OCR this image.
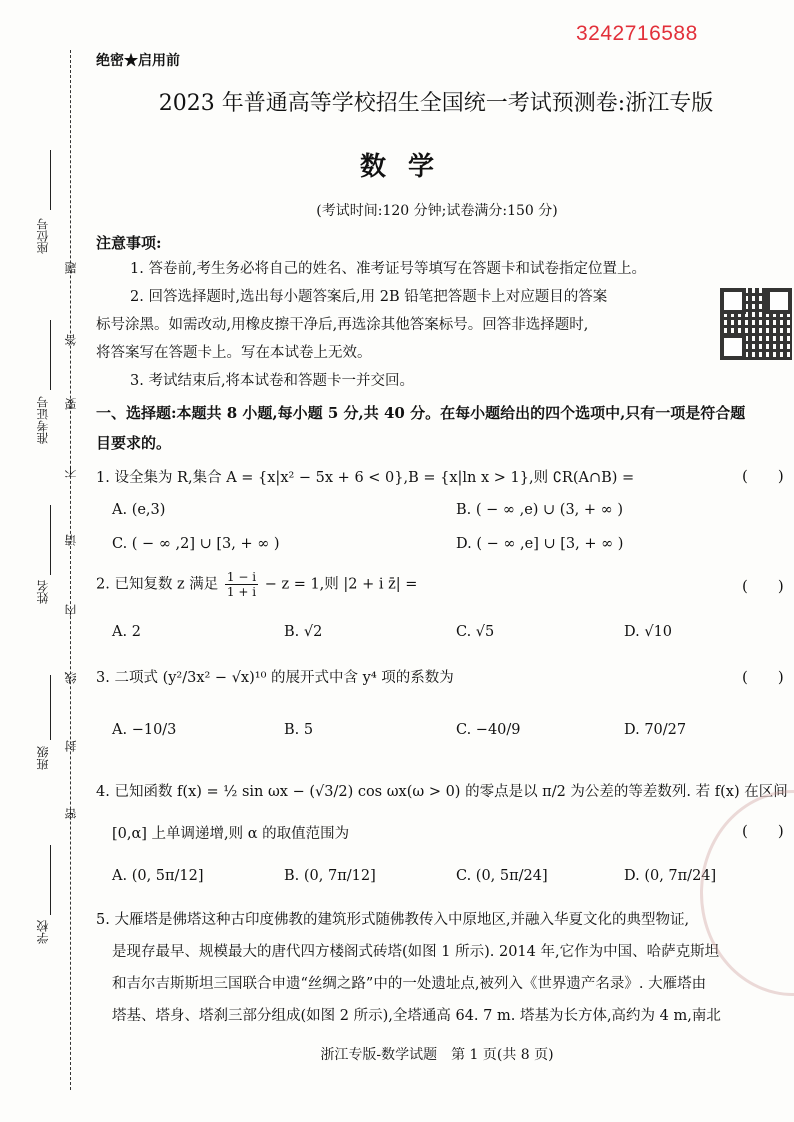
3242716588
座位号
准考证号
姓名
班级
学校
题
答
要
不
请
内
线
封
密
绝密★启用前
2023 年普通高等学校招生全国统一考试预测卷:浙江专版
数学
(考试时间:120 分钟;试卷满分:150 分)
注意事项:
1. 答卷前,考生务必将自己的姓名、准考证号等填写在答题卡和试卷指定位置上。
2. 回答选择题时,选出每小题答案后,用 2B 铅笔把答题卡上对应题目的答案
标号涂黑。如需改动,用橡皮擦干净后,再选涂其他答案标号。回答非选择题时,
将答案写在答题卡上。写在本试卷上无效。
3. 考试结束后,将本试卷和答题卡一并交回。
一、选择题:本题共 8 小题,每小题 5 分,共 40 分。在每小题给出的四个选项中,只有一项是符合题
目要求的。
1. 设全集为 R,集合 A = {x|x² − 5x + 6 < 0},B = {x|ln x > 1},则 ∁R(A∩B) =	(　　)
A. (e,3)	B. ( − ∞ ,e) ∪ (3, + ∞ )
C. ( − ∞ ,2] ∪ [3, + ∞ )	D. ( − ∞ ,e] ∪ [3, + ∞ )
2. 已知复数 z 满足 $\frac{1 - i}{1 + i} - z = 1$,则 |2 + i z̄| =	(　　)
A. 2	B. √2	C. √5	D. √10
3. 二项式 (y²/3x² − √x)¹⁰ 的展开式中含 y⁴ 项的系数为	(　　)
A. −10/3	B. 5	C. −40/9	D. 70/27
4. 已知函数 f(x) = ½ sin ωx − (√3/2) cos ωx(ω > 0) 的零点是以 π/2 为公差的等差数列. 若 f(x) 在区间
[0,α] 上单调递增,则 α 的取值范围为	(　　)
A. (0, 5π/12]	B. (0, 7π/12]	C. (0, 5π/24]	D. (0, 7π/24]
5. 大雁塔是佛塔这种古印度佛教的建筑形式随佛教传入中原地区,并融入华夏文化的典型物证,
是现存最早、规模最大的唐代四方楼阁式砖塔(如图 1 所示). 2014 年,它作为中国、哈萨克斯坦
和吉尔吉斯斯坦三国联合申遗“丝绸之路”中的一处遗址点,被列入《世界遗产名录》. 大雁塔由
塔基、塔身、塔刹三部分组成(如图 2 所示),全塔通高 64. 7 m. 塔基为长方体,高约为 4 m,南北
浙江专版-数学试题　第 1 页(共 8 页)
